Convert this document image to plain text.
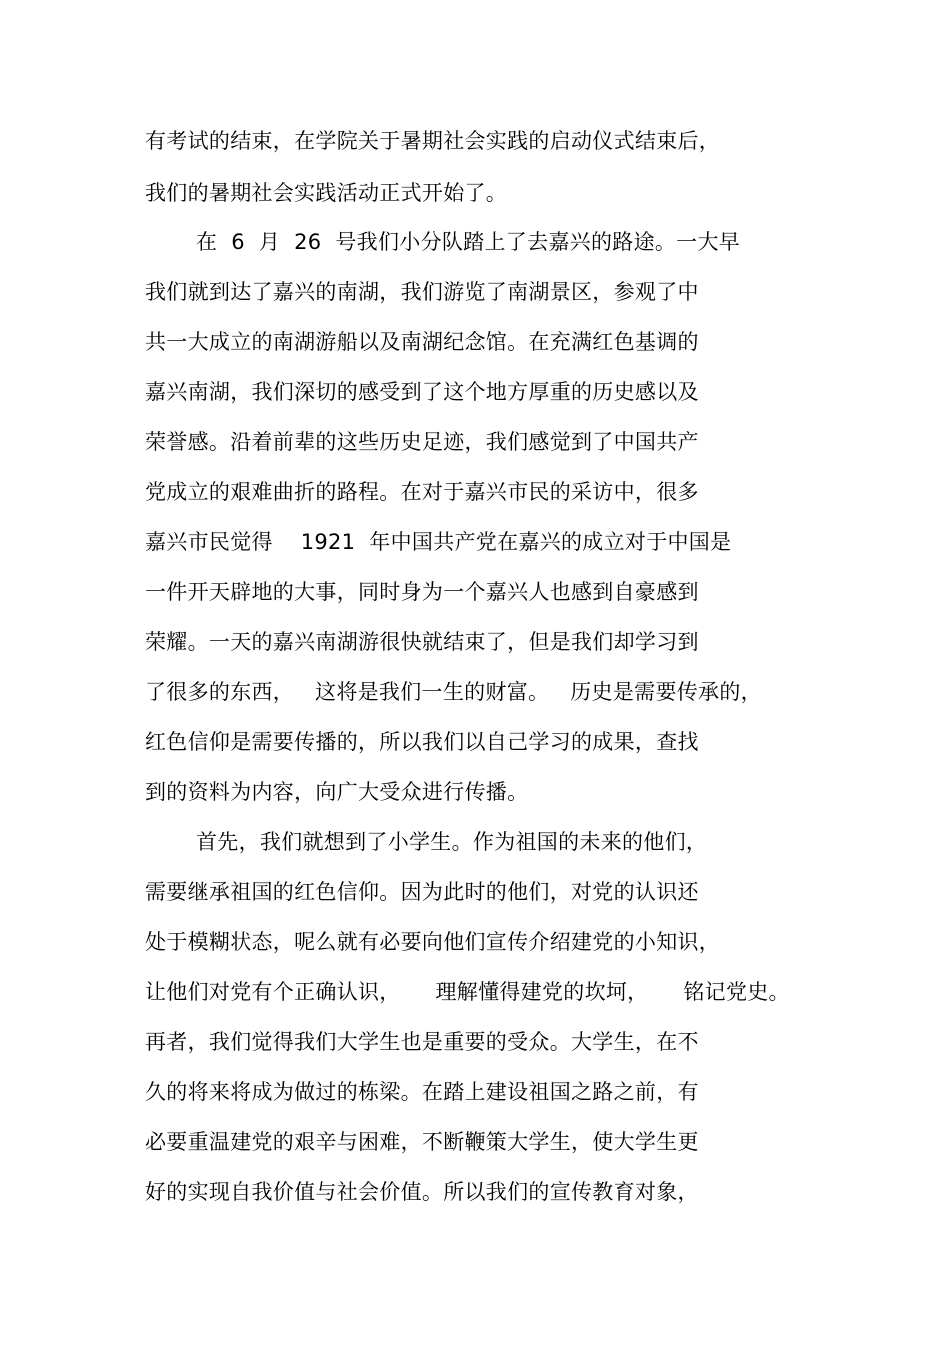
有考试的结束，在学院关于暑期社会实践的启动仪式结束后，
我们的暑期社会实践活动正式开始了。
在  6  月  26  号我们小分队踏上了去嘉兴的路途。一大早
我们就到达了嘉兴的南湖，我们游览了南湖景区，参观了中
共一大成立的南湖游船以及南湖纪念馆。在充满红色基调的
嘉兴南湖，我们深切的感受到了这个地方厚重的历史感以及
荣誉感。沿着前辈的这些历史足迹，我们感觉到了中国共产
党成立的艰难曲折的路程。在对于嘉兴市民的采访中，很多
嘉兴市民觉得    1921  年中国共产党在嘉兴的成立对于中国是
一件开天辟地的大事，同时身为一个嘉兴人也感到自豪感到
荣耀。一天的嘉兴南湖游很快就结束了，但是我们却学习到
了很多的东西，   这将是我们一生的财富。   历史是需要传承的，
红色信仰是需要传播的，所以我们以自己学习的成果，查找
到的资料为内容，向广大受众进行传播。
首先，我们就想到了小学生。作为祖国的未来的他们，
需要继承祖国的红色信仰。因为此时的他们，对党的认识还
处于模糊状态，呢么就有必要向他们宣传介绍建党的小知识，
让他们对党有个正确认识，     理解懂得建党的坎坷，     铭记党史。
再者，我们觉得我们大学生也是重要的受众。大学生，在不
久的将来将成为做过的栋梁。在踏上建设祖国之路之前，有
必要重温建党的艰辛与困难，不断鞭策大学生，使大学生更
好的实现自我价值与社会价值。所以我们的宣传教育对象，
